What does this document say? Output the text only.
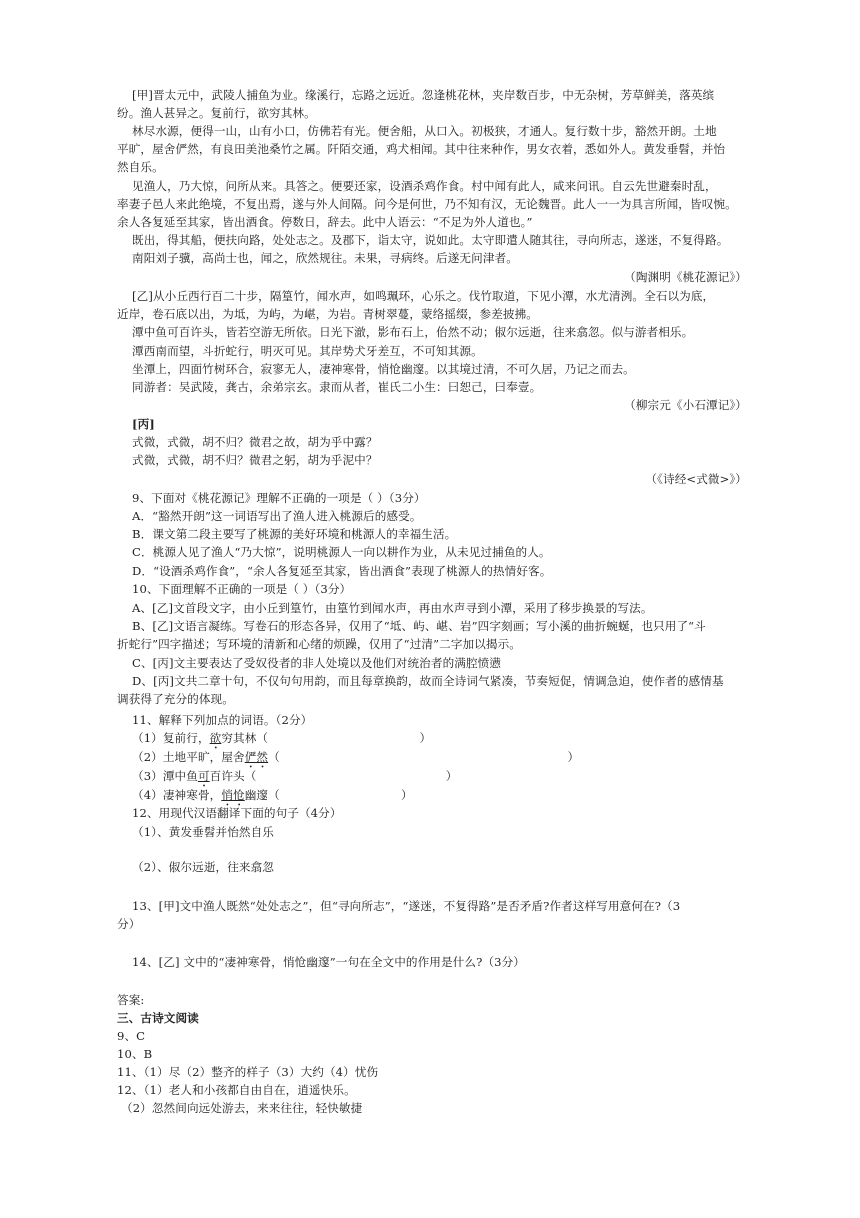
[甲]晋太元中，武陵人捕鱼为业。缘溪行，忘路之远近。忽逢桃花林，夹岸数百步，中无杂树，芳草鲜美，落英缤
纷。渔人甚异之。复前行，欲穷其林。
林尽水源，便得一山，山有小口，仿佛若有光。便舍船，从口入。初极狭，才通人。复行数十步，豁然开朗。土地
平旷，屋舍俨然，有良田美池桑竹之属。阡陌交通，鸡犬相闻。其中往来种作，男女衣着，悉如外人。黄发垂髫，并怡
然自乐。
见渔人，乃大惊，问所从来。具答之。便要还家，设酒杀鸡作食。村中闻有此人，咸来问讯。自云先世避秦时乱，
率妻子邑人来此绝境，不复出焉，遂与外人间隔。问今是何世，乃不知有汉，无论魏晋。此人一一为具言所闻，皆叹惋。
余人各复延至其家，皆出酒食。停数日，辞去。此中人语云：“不足为外人道也。”
既出，得其船，便扶向路，处处志之。及郡下，诣太守，说如此。太守即遣人随其往，寻向所志，遂迷，不复得路。
南阳刘子骥，高尚士也，闻之，欣然规往。未果，寻病终。后遂无问津者。
（陶渊明《桃花源记》）
[乙]从小丘西行百二十步，隔篁竹，闻水声，如鸣珮环，心乐之。伐竹取道，下见小潭，水尤清洌。全石以为底，
近岸，卷石底以出，为坻，为屿，为嵁，为岩。青树翠蔓，蒙络摇缀，参差披拂。
潭中鱼可百许头，皆若空游无所依。日光下澈，影布石上，佁然不动；俶尔远逝，往来翕忽。似与游者相乐。
潭西南而望，斗折蛇行，明灭可见。其岸势犬牙差互，不可知其源。
坐潭上，四面竹树环合，寂寥无人，凄神寒骨，悄怆幽邃。以其境过清，不可久居，乃记之而去。
同游者：吴武陵，龚古，余弟宗玄。隶而从者，崔氏二小生：曰恕己，曰奉壹。
（柳宗元《小石潭记》）
[丙]
式微，式微，胡不归？微君之故，胡为乎中露？
式微，式微，胡不归？微君之躬，胡为乎泥中？
（《诗经<式微>》）
9、下面对《桃花源记》理解不正确的一项是（ ）（3分）
A．“豁然开朗”这一词语写出了渔人进入桃源后的感受。
B．课文第二段主要写了桃源的美好环境和桃源人的幸福生活。
C．桃源人见了渔人“乃大惊”，说明桃源人一向以耕作为业，从未见过捕鱼的人。
D．“设酒杀鸡作食”，“余人各复延至其家，皆出酒食”表现了桃源人的热情好客。
10、下面理解不正确的一项是（ ）（3分）
A、[乙]文首段文字，由小丘到篁竹，由篁竹到闻水声，再由水声寻到小潭，采用了移步换景的写法。
B、[乙]文语言凝练。写卷石的形态各异，仅用了“坻、屿、嵁、岩”四字刻画；写小溪的曲折蜿蜒，也只用了“斗
折蛇行”四字描述；写环境的清新和心绪的烦躁，仅用了“过清”二字加以揭示。
C、[丙]文主要表达了受奴役者的非人处境以及他们对统治者的满腔愤懑
D、[丙]文共二章十句，不仅句句用韵，而且每章换韵，故而全诗词气紧凑，节奏短促，情调急迫，使作者的感情基
调获得了充分的体现。
11、解释下列加点的词语。（2分）
（1）复前行，欲穷其林（	）
（2）土地平旷，屋舍俨然（	）
（3）潭中鱼可百许头（	）
（4）凄神寒骨，悄怆幽邃（	）
12、用现代汉语翻译下面的句子（4分）
（1）、黄发垂髫并怡然自乐
（2）、俶尔远逝，往来翕忽
13、[甲]文中渔人既然“处处志之”，但“寻向所志”，“遂迷，不复得路”是否矛盾?作者这样写用意何在?（3
分）
14、[乙] 文中的“凄神寒骨，悄怆幽邃”一句在全文中的作用是什么?（3分）
答案:
三、古诗文阅读
9、C
10、B
11、（1）尽（2）整齐的样子（3）大约（4）忧伤
12、（1）老人和小孩都自由自在，逍遥快乐。
（2）忽然间向远处游去，来来往往，轻快敏捷
